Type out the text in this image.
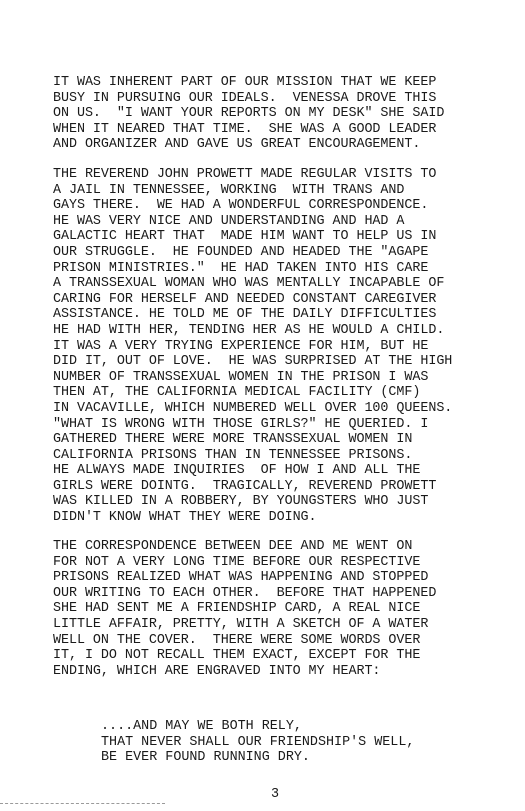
IT WAS INHERENT PART OF OUR MISSION THAT WE KEEP
BUSY IN PURSUING OUR IDEALS.  VENESSA DROVE THIS
ON US.  "I WANT YOUR REPORTS ON MY DESK" SHE SAID
WHEN IT NEARED THAT TIME.  SHE WAS A GOOD LEADER
AND ORGANIZER AND GAVE US GREAT ENCOURAGEMENT.
THE REVEREND JOHN PROWETT MADE REGULAR VISITS TO
A JAIL IN TENNESSEE, WORKING  WITH TRANS AND
GAYS THERE.  WE HAD A WONDERFUL CORRESPONDENCE.
HE WAS VERY NICE AND UNDERSTANDING AND HAD A
GALACTIC HEART THAT  MADE HIM WANT TO HELP US IN
OUR STRUGGLE.  HE FOUNDED AND HEADED THE "AGAPE
PRISON MINISTRIES."  HE HAD TAKEN INTO HIS CARE
A TRANSSEXUAL WOMAN WHO WAS MENTALLY INCAPABLE OF
CARING FOR HERSELF AND NEEDED CONSTANT CAREGIVER
ASSISTANCE. HE TOLD ME OF THE DAILY DIFFICULTIES
HE HAD WITH HER, TENDING HER AS HE WOULD A CHILD.
IT WAS A VERY TRYING EXPERIENCE FOR HIM, BUT HE
DID IT, OUT OF LOVE.  HE WAS SURPRISED AT THE HIGH
NUMBER OF TRANSSEXUAL WOMEN IN THE PRISON I WAS
THEN AT, THE CALIFORNIA MEDICAL FACILITY (CMF)
IN VACAVILLE, WHICH NUMBERED WELL OVER 100 QUEENS.
"WHAT IS WRONG WITH THOSE GIRLS?" HE QUERIED. I
GATHERED THERE WERE MORE TRANSSEXUAL WOMEN IN
CALIFORNIA PRISONS THAN IN TENNESSEE PRISONS.
HE ALWAYS MADE INQUIRIES  OF HOW I AND ALL THE
GIRLS WERE DOINTG.  TRAGICALLY, REVEREND PROWETT
WAS KILLED IN A ROBBERY, BY YOUNGSTERS WHO JUST
DIDN'T KNOW WHAT THEY WERE DOING.
THE CORRESPONDENCE BETWEEN DEE AND ME WENT ON
FOR NOT A VERY LONG TIME BEFORE OUR RESPECTIVE
PRISONS REALIZED WHAT WAS HAPPENING AND STOPPED
OUR WRITING TO EACH OTHER.  BEFORE THAT HAPPENED
SHE HAD SENT ME A FRIENDSHIP CARD, A REAL NICE
LITTLE AFFAIR, PRETTY, WITH A SKETCH OF A WATER
WELL ON THE COVER.  THERE WERE SOME WORDS OVER
IT, I DO NOT RECALL THEM EXACT, EXCEPT FOR THE
ENDING, WHICH ARE ENGRAVED INTO MY HEART:
....AND MAY WE BOTH RELY,
THAT NEVER SHALL OUR FRIENDSHIP'S WELL,
BE EVER FOUND RUNNING DRY.
3
